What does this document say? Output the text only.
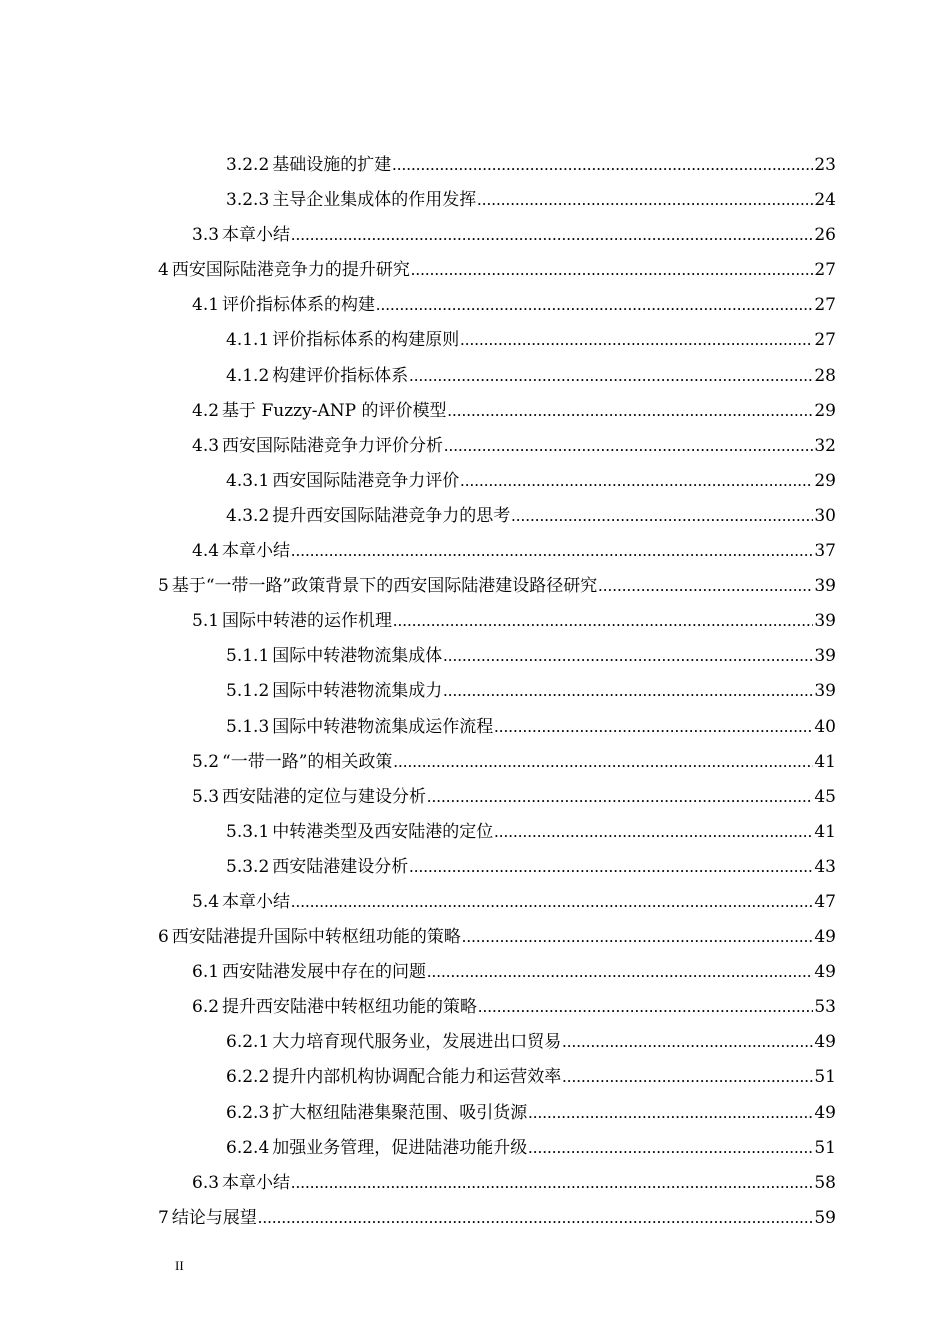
3.2.2 基础设施的扩建 .....	23
3.2.3 主导企业集成体的作用发挥 .....	24
3.3 本章小结 .....	26
4 西安国际陆港竞争力的提升研究 .....	27
4.1 评价指标体系的构建 .....	27
4.1.1 评价指标体系的构建原则 .....	27
4.1.2 构建评价指标体系 .....	28
4.2 基于 Fuzzy-ANP 的评价模型 .....	29
4.3 西安国际陆港竞争力评价分析 .....	32
4.3.1 西安国际陆港竞争力评价 .....	29
4.3.2 提升西安国际陆港竞争力的思考 .....	30
4.4 本章小结 .....	37
5 基于“一带一路”政策背景下的西安国际陆港建设路径研究 .....	39
5.1 国际中转港的运作机理 .....	39
5.1.1 国际中转港物流集成体 .....	39
5.1.2 国际中转港物流集成力 .....	39
5.1.3 国际中转港物流集成运作流程 .....	40
5.2 “一带一路”的相关政策 .....	41
5.3 西安陆港的定位与建设分析 .....	45
5.3.1 中转港类型及西安陆港的定位 .....	41
5.3.2 西安陆港建设分析 .....	43
5.4 本章小结 .....	47
6 西安陆港提升国际中转枢纽功能的策略 .....	49
6.1 西安陆港发展中存在的问题 .....	49
6.2 提升西安陆港中转枢纽功能的策略 .....	53
6.2.1 大力培育现代服务业，发展进出口贸易 .....	49
6.2.2 提升内部机构协调配合能力和运营效率 .....	51
6.2.3 扩大枢纽陆港集聚范围、吸引货源 .....	49
6.2.4 加强业务管理，促进陆港功能升级 .....	51
6.3 本章小结 .....	58
7 结论与展望 .....	59
II
